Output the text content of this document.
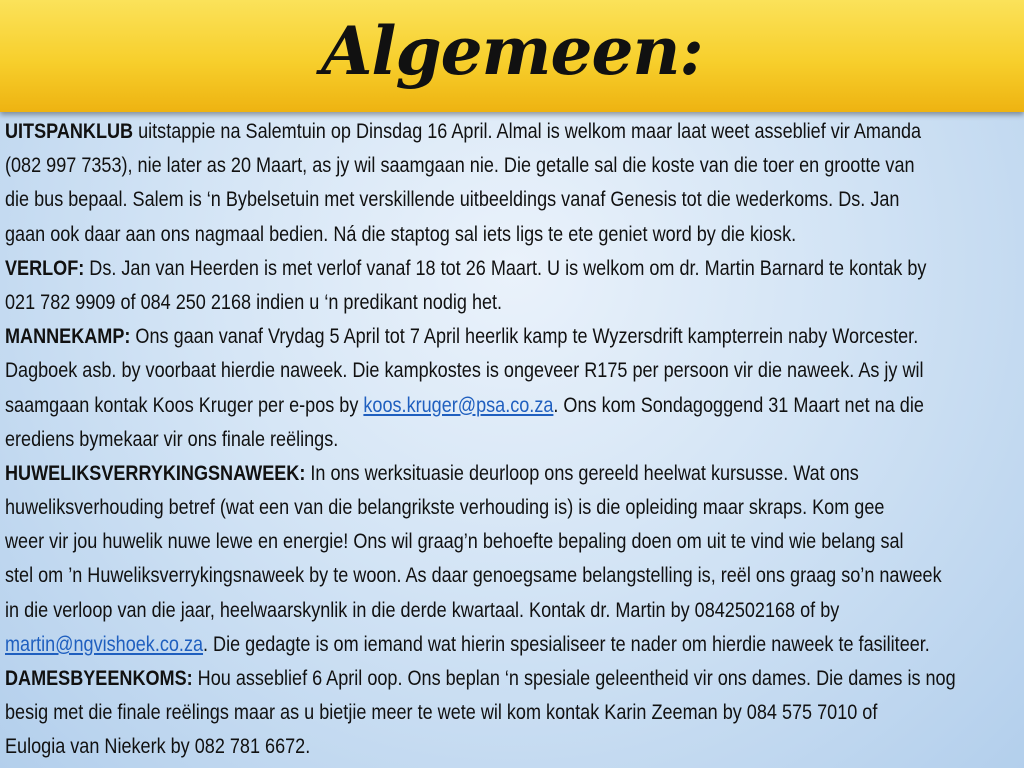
Algemeen:
UITSPANKLUB uitstappie na Salemtuin op Dinsdag 16 April. Almal is welkom maar laat weet asseblief vir Amanda
(082 997 7353), nie later as 20 Maart, as jy wil saamgaan nie. Die getalle sal die koste van die toer en grootte van
die bus bepaal. Salem is ‘n Bybelsetuin met verskillende uitbeeldings vanaf Genesis tot die wederkoms. Ds. Jan
gaan ook daar aan ons nagmaal bedien. Ná die staptog sal iets ligs te ete geniet word by die kiosk.
VERLOF: Ds. Jan van Heerden is met verlof vanaf 18 tot 26 Maart. U is welkom om dr. Martin Barnard te kontak by
021 782 9909 of 084 250 2168 indien u ‘n predikant nodig het.
MANNEKAMP: Ons gaan vanaf Vrydag 5 April tot 7 April heerlik kamp te Wyzersdrift kampterrein naby Worcester.
Dagboek asb. by voorbaat hierdie naweek. Die kampkostes is ongeveer R175 per persoon vir die naweek. As jy wil
saamgaan kontak Koos Kruger per e-pos by koos.kruger@psa.co.za. Ons kom Sondagoggend 31 Maart net na die
erediens bymekaar vir ons finale reëlings.
HUWELIKSVERRYKINGSNAWEEK: In ons werksituasie deurloop ons gereeld heelwat kursusse. Wat ons
huweliksverhouding betref (wat een van die belangrikste verhouding is) is die opleiding maar skraps. Kom gee
weer vir jou huwelik nuwe lewe en energie! Ons wil graag’n behoefte bepaling doen om uit te vind wie belang sal
stel om ’n Huweliksverrykingsnaweek by te woon. As daar genoegsame belangstelling is, reël ons graag so’n naweek
in die verloop van die jaar, heelwaarskynlik in die derde kwartaal. Kontak dr. Martin by 0842502168 of by
martin@ngvishoek.co.za. Die gedagte is om iemand wat hierin spesialiseer te nader om hierdie naweek te fasiliteer.
DAMESBYEENKOMS: Hou asseblief 6 April oop. Ons beplan ‘n spesiale geleentheid vir ons dames. Die dames is nog
besig met die finale reëlings maar as u bietjie meer te wete wil kom kontak Karin Zeeman by 084 575 7010 of
Eulogia van Niekerk by 082 781 6672.
